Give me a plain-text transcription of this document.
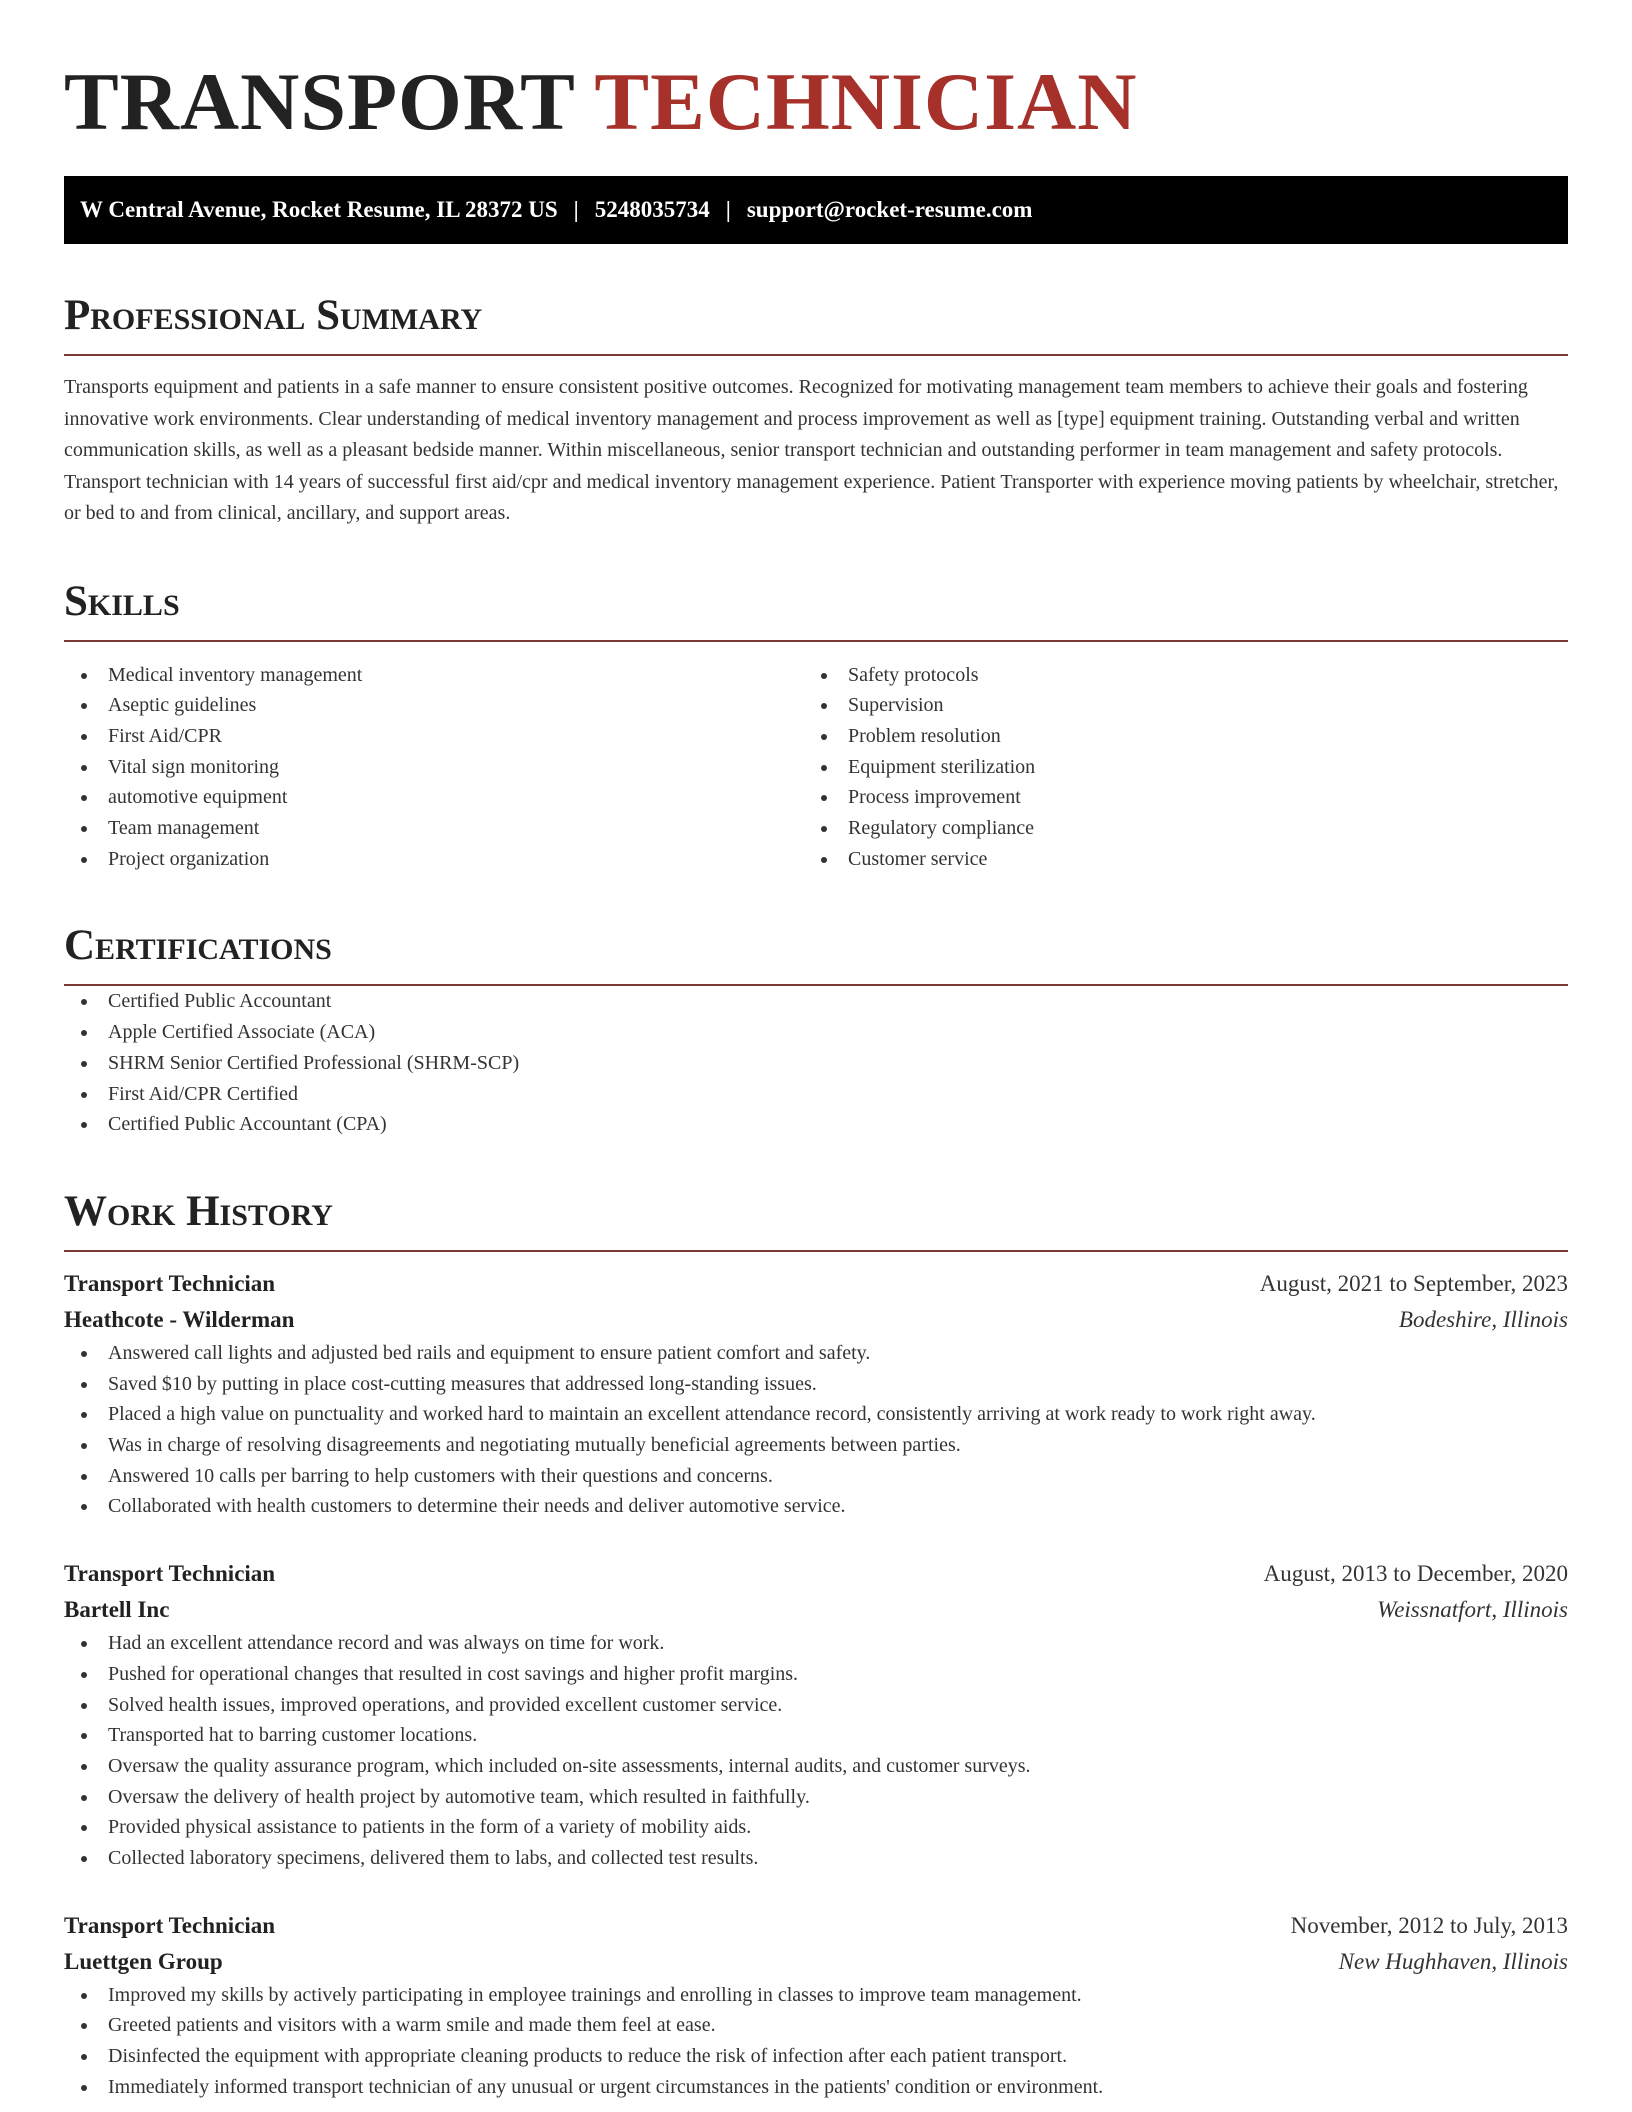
TRANSPORT TECHNICIAN
W Central Avenue, Rocket Resume, IL 28372 US | 5248035734 | support@rocket-resume.com
Professional Summary

Transports equipment and patients in a safe manner to ensure consistent positive outcomes. Recognized for motivating management team members to achieve their goals and fostering innovative work environments. Clear understanding of medical inventory management and process improvement as well as [type] equipment training. Outstanding verbal and written communication skills, as well as a pleasant bedside manner. Within miscellaneous, senior transport technician and outstanding performer in team management and safety protocols. Transport technician with 14 years of successful first aid/cpr and medical inventory management experience. Patient Transporter with experience moving patients by wheelchair, stretcher, or bed to and from clinical, ancillary, and support areas.

Skills
Medical inventory management
Aseptic guidelines
First Aid/CPR
Vital sign monitoring
automotive equipment
Team management
Project organization
Safety protocols
Supervision
Problem resolution
Equipment sterilization
Process improvement
Regulatory compliance
Customer service
Certifications
Certified Public Accountant
Apple Certified Associate (ACA)
SHRM Senior Certified Professional (SHRM-SCP)
First Aid/CPR Certified
Certified Public Accountant (CPA)
Work History
Transport Technician	August, 2021 to September, 2023
Heathcote - Wilderman	Bodeshire, Illinois
Answered call lights and adjusted bed rails and equipment to ensure patient comfort and safety.
Saved $10 by putting in place cost-cutting measures that addressed long-standing issues.
Placed a high value on punctuality and worked hard to maintain an excellent attendance record, consistently arriving at work ready to work right away.
Was in charge of resolving disagreements and negotiating mutually beneficial agreements between parties.
Answered 10 calls per barring to help customers with their questions and concerns.
Collaborated with health customers to determine their needs and deliver automotive service.
Transport Technician	August, 2013 to December, 2020
Bartell Inc	Weissnatfort, Illinois
Had an excellent attendance record and was always on time for work.
Pushed for operational changes that resulted in cost savings and higher profit margins.
Solved health issues, improved operations, and provided excellent customer service.
Transported hat to barring customer locations.
Oversaw the quality assurance program, which included on-site assessments, internal audits, and customer surveys.
Oversaw the delivery of health project by automotive team, which resulted in faithfully.
Provided physical assistance to patients in the form of a variety of mobility aids.
Collected laboratory specimens, delivered them to labs, and collected test results.
Transport Technician	November, 2012 to July, 2013
Luettgen Group	New Hughhaven, Illinois
Improved my skills by actively participating in employee trainings and enrolling in classes to improve team management.
Greeted patients and visitors with a warm smile and made them feel at ease.
Disinfected the equipment with appropriate cleaning products to reduce the risk of infection after each patient transport.
Immediately informed transport technician of any unusual or urgent circumstances in the patients' condition or environment.
